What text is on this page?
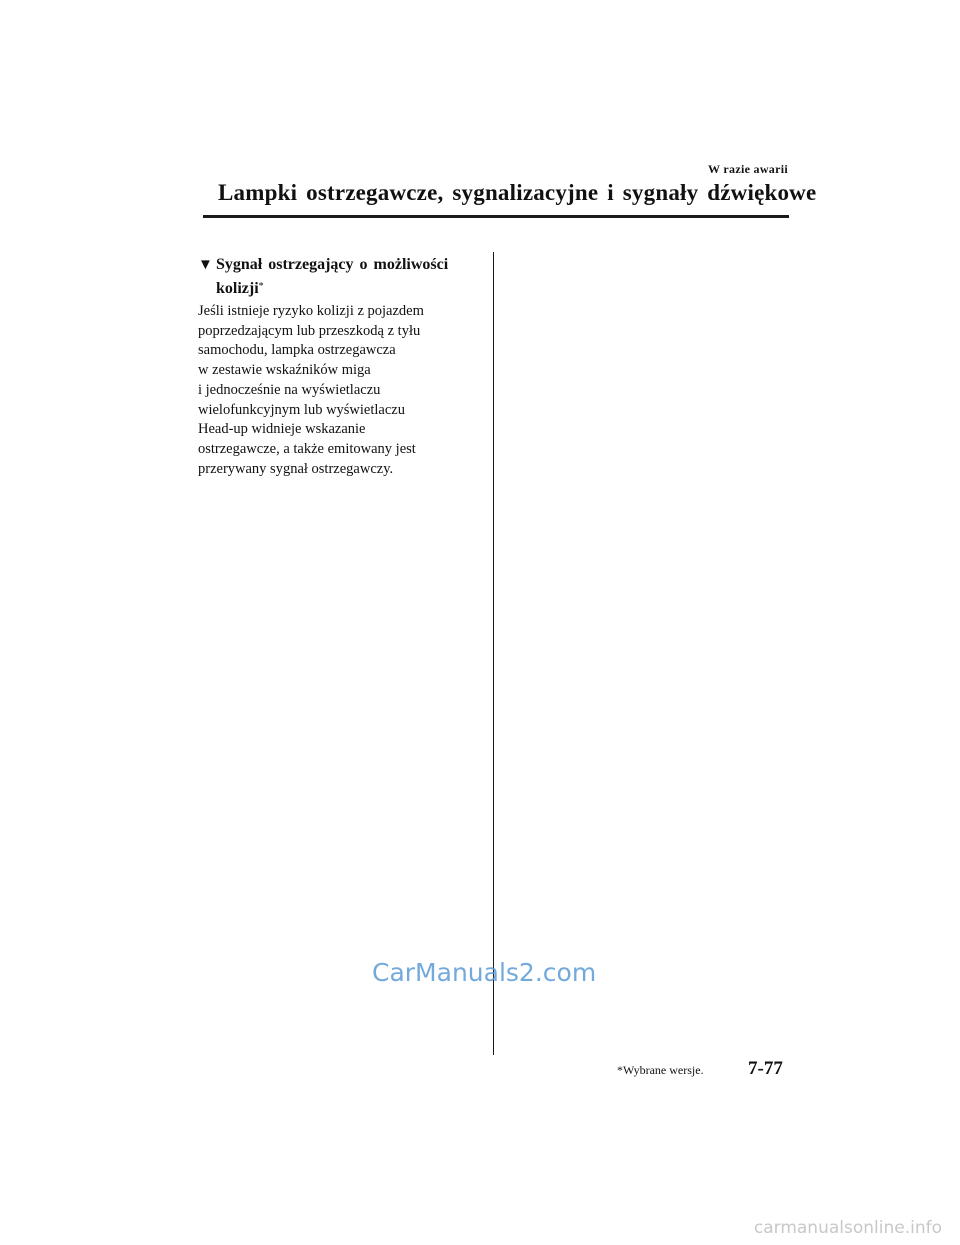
W razie awarii
Lampki ostrzegawcze, sygnalizacyjne i sygnały dźwiękowe
▼ Sygnał ostrzegający o możliwości
kolizji*

Jeśli istnieje ryzyko kolizji z pojazdem
poprzedzającym lub przeszkodą z tyłu
samochodu, lampka ostrzegawcza
w zestawie wskaźników miga
i jednocześnie na wyświetlaczu
wielofunkcyjnym lub wyświetlaczu
Head-up widnieje wskazanie
ostrzegawcze, a także emitowany jest
przerywany sygnał ostrzegawczy.

CarManuals2.com
*Wybrane wersje. 7-77
carmanualsonline.info
